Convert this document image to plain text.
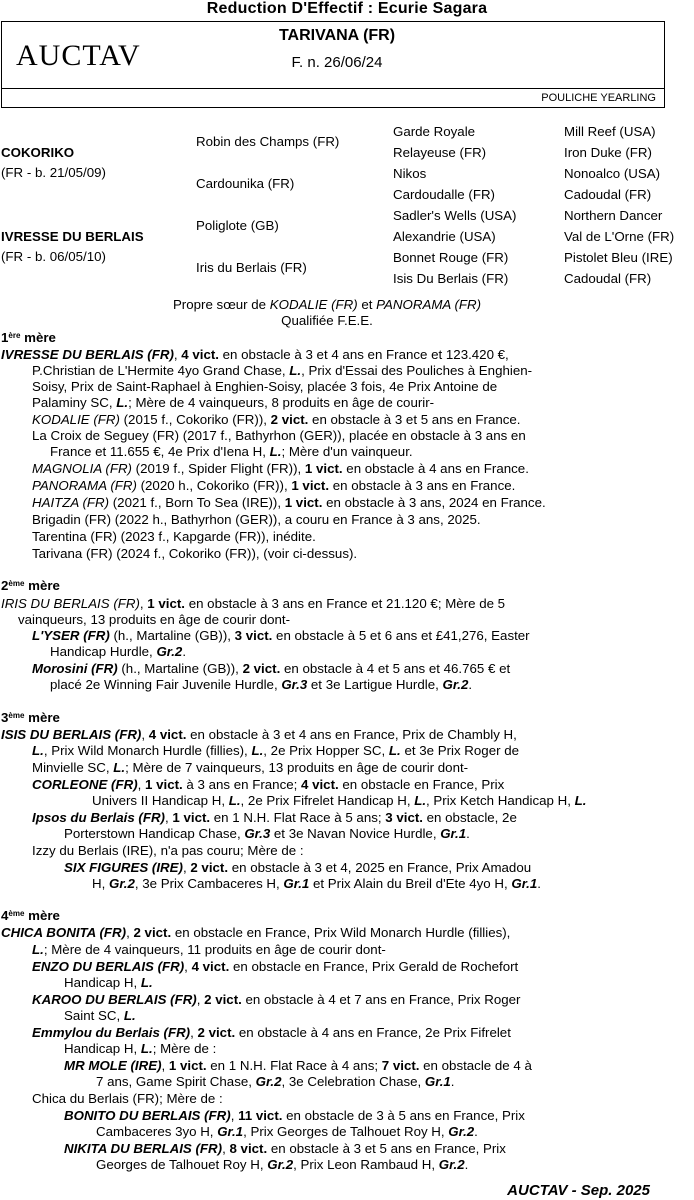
Reduction D'Effectif : Ecurie Sagara
AUCTAV
TARIVANA (FR)
F. n. 26/06/24
POULICHE YEARLING
COKORIKO
(FR - b. 21/05/09)
IVRESSE DU BERLAIS
(FR - b. 06/05/10)
Robin des Champs (FR)
Cardounika (FR)
Poliglote (GB)
Iris du Berlais (FR)
Garde Royale
Relayeuse (FR)
Nikos
Cardoudalle (FR)
Sadler's Wells (USA)
Alexandrie (USA)
Bonnet Rouge (FR)
Isis Du Berlais (FR)
Mill Reef (USA)
Iron Duke (FR)
Nonoalco (USA)
Cadoudal (FR)
Northern Dancer
Val de L'Orne (FR)
Pistolet Bleu (IRE)
Cadoudal (FR)
Propre sœur de KODALIE (FR) et PANORAMA (FR)
Qualifiée F.E.E.
1ère mère
IVRESSE DU BERLAIS (FR), 4 vict. en obstacle à 3 et 4 ans en France et 123.420 €,
P.Christian de L'Hermite 4yo Grand Chase, L., Prix d'Essai des Pouliches à Enghien-
Soisy, Prix de Saint-Raphael à Enghien-Soisy, placée 3 fois, 4e Prix Antoine de
Palaminy SC, L.; Mère de 4 vainqueurs, 8 produits en âge de courir-
KODALIE (FR) (2015 f., Cokoriko (FR)), 2 vict. en obstacle à 3 et 5 ans en France.
La Croix de Seguey (FR) (2017 f., Bathyrhon (GER)), placée en obstacle à 3 ans en
France et 11.655 €, 4e Prix d'Iena H, L.; Mère d'un vainqueur.
MAGNOLIA (FR) (2019 f., Spider Flight (FR)), 1 vict. en obstacle à 4 ans en France.
PANORAMA (FR) (2020 h., Cokoriko (FR)), 1 vict. en obstacle à 3 ans en France.
HAITZA (FR) (2021 f., Born To Sea (IRE)), 1 vict. en obstacle à 3 ans, 2024 en France.
Brigadin (FR) (2022 h., Bathyrhon (GER)), a couru en France à 3 ans, 2025.
Tarentina (FR) (2023 f., Kapgarde (FR)), inédite.
Tarivana (FR) (2024 f., Cokoriko (FR)), (voir ci-dessus).
2ème mère
IRIS DU BERLAIS (FR), 1 vict. en obstacle à 3 ans en France et 21.120 €; Mère de 5
vainqueurs, 13 produits en âge de courir dont-
L'YSER (FR) (h., Martaline (GB)), 3 vict. en obstacle à 5 et 6 ans et £41,276, Easter
Handicap Hurdle, Gr.2.
Morosini (FR) (h., Martaline (GB)), 2 vict. en obstacle à 4 et 5 ans et 46.765 € et
placé 2e Winning Fair Juvenile Hurdle, Gr.3 et 3e Lartigue Hurdle, Gr.2.
3ème mère
ISIS DU BERLAIS (FR), 4 vict. en obstacle à 3 et 4 ans en France, Prix de Chambly H,
L., Prix Wild Monarch Hurdle (fillies), L., 2e Prix Hopper SC, L. et 3e Prix Roger de
Minvielle SC, L.; Mère de 7 vainqueurs, 13 produits en âge de courir dont-
CORLEONE (FR), 1 vict. à 3 ans en France; 4 vict. en obstacle en France, Prix
Univers II Handicap H, L., 2e Prix Fifrelet Handicap H, L., Prix Ketch Handicap H, L.
Ipsos du Berlais (FR), 1 vict. en 1 N.H. Flat Race à 5 ans; 3 vict. en obstacle, 2e
Porterstown Handicap Chase, Gr.3 et 3e Navan Novice Hurdle, Gr.1.
Izzy du Berlais (IRE), n'a pas couru; Mère de :
SIX FIGURES (IRE), 2 vict. en obstacle à 3 et 4, 2025 en France, Prix Amadou
H, Gr.2, 3e Prix Cambaceres H, Gr.1 et Prix Alain du Breil d'Ete 4yo H, Gr.1.
4ème mère
CHICA BONITA (FR), 2 vict. en obstacle en France, Prix Wild Monarch Hurdle (fillies),
L.; Mère de 4 vainqueurs, 11 produits en âge de courir dont-
ENZO DU BERLAIS (FR), 4 vict. en obstacle en France, Prix Gerald de Rochefort
Handicap H, L.
KAROO DU BERLAIS (FR), 2 vict. en obstacle à 4 et 7 ans en France, Prix Roger
Saint SC, L.
Emmylou du Berlais (FR), 2 vict. en obstacle à 4 ans en France, 2e Prix Fifrelet
Handicap H, L.; Mère de :
MR MOLE (IRE), 1 vict. en 1 N.H. Flat Race à 4 ans; 7 vict. en obstacle de 4 à
7 ans, Game Spirit Chase, Gr.2, 3e Celebration Chase, Gr.1.
Chica du Berlais (FR); Mère de :
BONITO DU BERLAIS (FR), 11 vict. en obstacle de 3 à 5 ans en France, Prix
Cambaceres 3yo H, Gr.1, Prix Georges de Talhouet Roy H, Gr.2.
NIKITA DU BERLAIS (FR), 8 vict. en obstacle à 3 et 5 ans en France, Prix
Georges de Talhouet Roy H, Gr.2, Prix Leon Rambaud H, Gr.2.
AUCTAV - Sep. 2025
